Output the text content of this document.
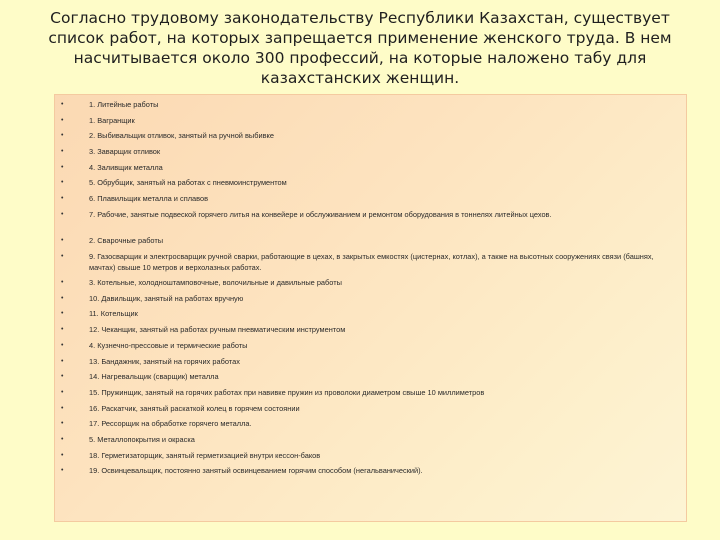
Согласно трудовому законодательству Республики Казахстан, существует список работ, на которых запрещается применение женского труда. В нем насчитывается около 300 профессий, на которые наложено табу для казахстанских женщин.
•	1. Литейные работы
•	1. Вагранщик
•	2. Выбивальщик отливок, занятый на ручной выбивке
•	3. Заварщик отливок
•	4. Заливщик металла
•	5. Обрубщик, занятый на работах с пневмоинструментом
•	6. Плавильщик металла и сплавов
•	7. Рабочие, занятые подвеской горячего литья на конвейере и обслуживанием и ремонтом оборудования в тоннелях литейных цехов.
•	2. Сварочные работы
•	9. Газосварщик и электросварщик ручной сварки, работающие в цехах, в закрытых емкостях (цистернах, котлах), а также на высотных сооружениях связи (башнях, мачтах) свыше 10 метров и верхолазных работах.
•	3. Котельные, холодноштамповочные, волочильные и давильные работы
•	10. Давильщик, занятый на работах вручную
•	11. Котельщик
•	12. Чеканщик, занятый на работах ручным пневматическим инструментом
•	4. Кузнечно-прессовые и термические работы
•	13. Бандажник, занятый на горячих работах
•	14. Нагревальщик (сварщик) металла
•	15. Пружинщик, занятый на горячих работах при навивке пружин из проволоки диаметром свыше 10 миллиметров
•	16. Раскатчик, занятый раскаткой колец в горячем состоянии
•	17. Рессорщик на обработке горячего металла.
•	5. Металлопокрытия и окраска
•	18. Герметизаторщик, занятый герметизацией внутри кессон-баков
•	19. Освинцевальщик, постоянно занятый освинцеванием горячим способом (негальванический).
